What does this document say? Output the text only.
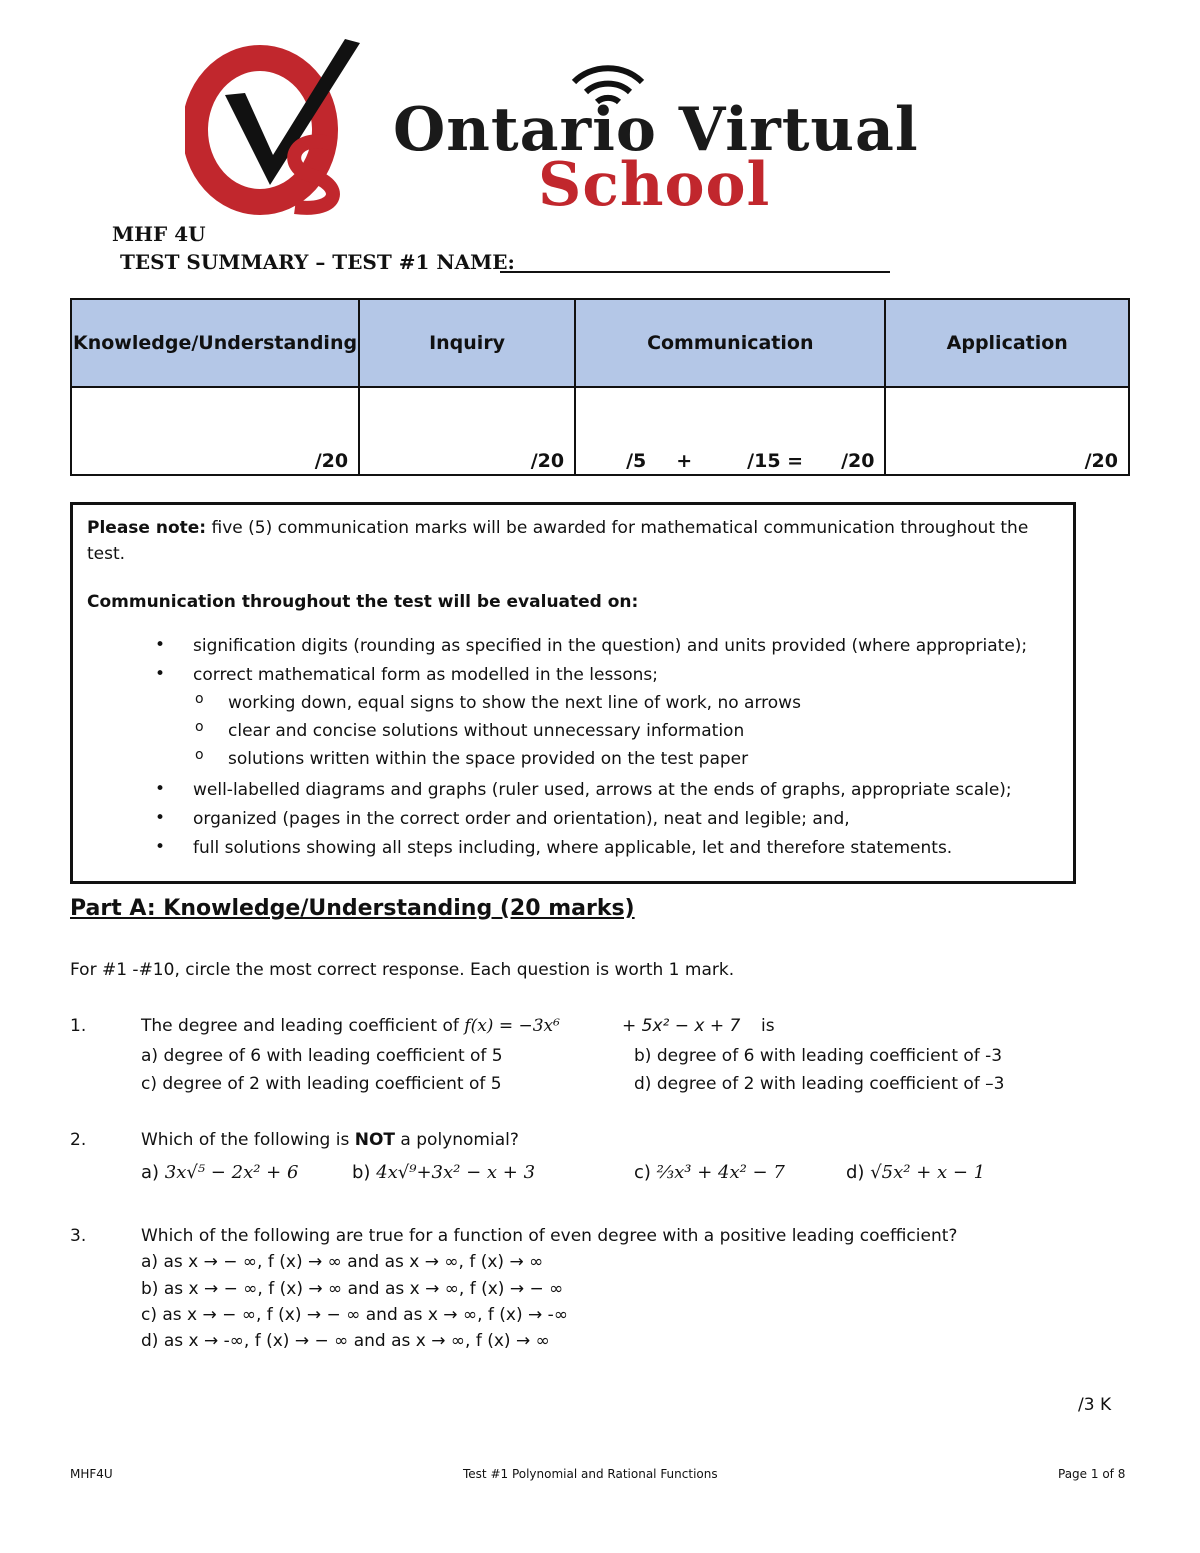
Ontario Virtual
School
MHF 4U
TEST SUMMARY – TEST #1 NAME:
Knowledge/Understanding	Inquiry	Communication	Application
/20	/20	/5 + /15 = /20	/20
Please note: five (5) communication marks will be awarded for mathematical communication throughout the
test.
Communication throughout the test will be evaluated on:
• signification digits (rounding as specified in the question) and units provided (where appropriate);
• correct mathematical form as modelled in the lessons;
o working down, equal signs to show the next line of work, no arrows
o clear and concise solutions without unnecessary information
o solutions written within the space provided on the test paper
• well-labelled diagrams and graphs (ruler used, arrows at the ends of graphs, appropriate scale);
• organized (pages in the correct order and orientation), neat and legible; and,
• full solutions showing all steps including, where applicable, let and therefore statements.
Part A: Knowledge/Understanding (20 marks)
For #1 -#10, circle the most correct response. Each question is worth 1 mark.
1.	The degree and leading coefficient of f(x) = −3x⁶	+ 5x² − x + 7 is
a) degree of 6 with leading coefficient of 5	b) degree of 6 with leading coefficient of -3
c) degree of 2 with leading coefficient of 5	d) degree of 2 with leading coefficient of –3
2.	Which of the following is NOT a polynomial?
a) 3x√⁵ − 2x² + 6	b) 4x√⁹+3x² − x + 3	c) ⅔x³ + 4x² − 7	d) √5x² + x − 1
3.	Which of the following are true for a function of even degree with a positive leading coefficient?
a) as x → − ∞, f (x) → ∞ and as x → ∞, f (x) → ∞
b) as x → − ∞, f (x) → ∞ and as x → ∞, f (x) → − ∞
c) as x → − ∞, f (x) → − ∞ and as x → ∞, f (x) → -∞
d) as x → -∞, f (x) → − ∞ and as x → ∞, f (x) → ∞
/3 K
MHF4U	Test #1 Polynomial and Rational Functions	Page 1 of 8
